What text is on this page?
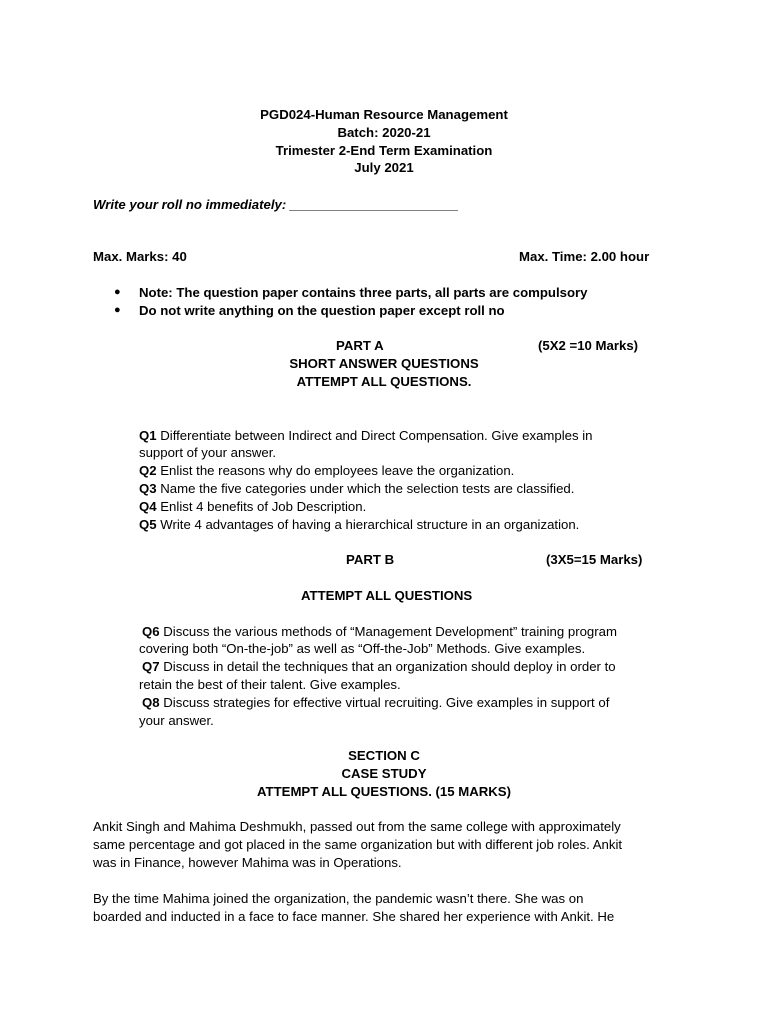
PGD024-Human Resource Management
Batch: 2020-21
Trimester 2-End Term Examination
July 2021
Write your roll no immediately: _______________________
Max. Marks: 40	Max. Time: 2.00 hour
● Note: The question paper contains three parts, all parts are compulsory
● Do not write anything on the question paper except roll no
PART A	(5X2 =10 Marks)
SHORT ANSWER QUESTIONS
ATTEMPT ALL QUESTIONS.
Q1 Differentiate between Indirect and Direct Compensation. Give examples in
support of your answer.
Q2 Enlist the reasons why do employees leave the organization.
Q3 Name the five categories under which the selection tests are classified.
Q4 Enlist 4 benefits of Job Description.
Q5 Write 4 advantages of having a hierarchical structure in an organization.
PART B	(3X5=15 Marks)
ATTEMPT ALL QUESTIONS
Q6 Discuss the various methods of “Management Development” training program
covering both “On-the-job” as well as “Off-the-Job” Methods. Give examples.
Q7 Discuss in detail the techniques that an organization should deploy in order to
retain the best of their talent. Give examples.
Q8 Discuss strategies for effective virtual recruiting. Give examples in support of
your answer.
SECTION C
CASE STUDY
ATTEMPT ALL QUESTIONS. (15 MARKS)
Ankit Singh and Mahima Deshmukh, passed out from the same college with approximately
same percentage and got placed in the same organization but with different job roles. Ankit
was in Finance, however Mahima was in Operations.
By the time Mahima joined the organization, the pandemic wasn’t there. She was on
boarded and inducted in a face to face manner. She shared her experience with Ankit. He
